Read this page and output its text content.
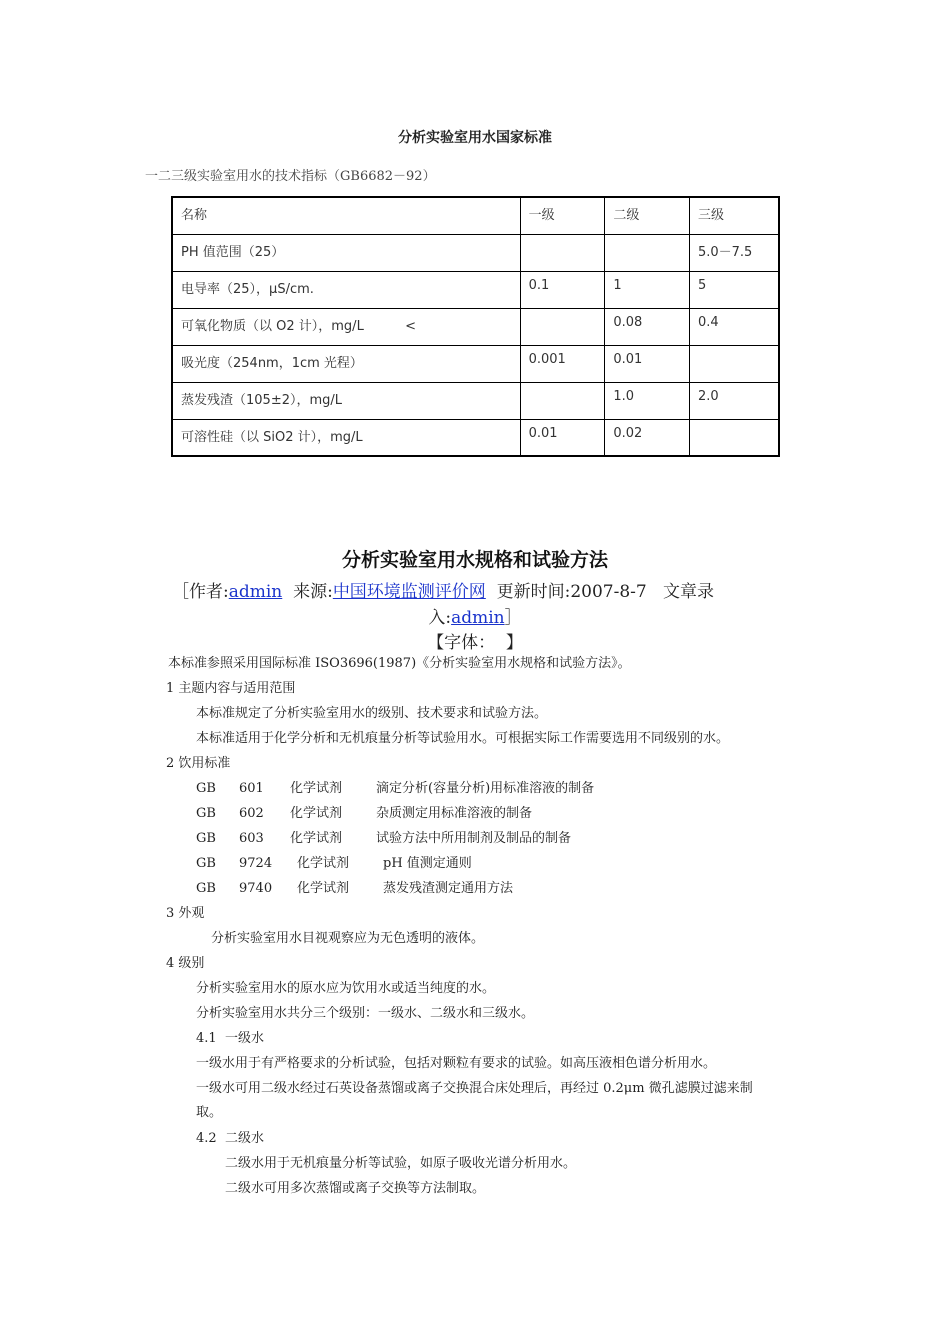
分析实验室用水国家标准
一二三级实验室用水的技术指标（GB6682－92）
名称	一级	二级	三级
PH 值范围（25）			5.0－7.5
电导率（25），μS/cm.	0.1	1	5
可氧化物质（以 O2 计），mg/L          <		0.08	0.4
吸光度（254nm，1cm 光程）	0.001	0.01	
蒸发残渣（105±2），mg/L		1.0	2.0
可溶性硅（以 SiO2 计），mg/L	0.01	0.02	
分析实验室用水规格和试验方法
［作者:admin  来源:中国环境监测评价网  更新时间:2007-8-7   文章录
入:admin］
【字体：  】
本标准参照采用国际标准 ISO3696(1987)《分析实验室用水规格和试验方法》。
1 主题内容与适用范围
本标准规定了分析实验室用水的级别、技术要求和试验方法。
本标准适用于化学分析和无机痕量分析等试验用水。可根据实际工作需要选用不同级别的水。
2 饮用标准
GB 601 化学试剂	滴定分析(容量分析)用标准溶液的制备
GB 602 化学试剂	杂质测定用标准溶液的制备
GB 603 化学试剂	试验方法中所用制剂及制品的制备
GB 9724 化学试剂	pH 值测定通则
GB 9740 化学试剂	蒸发残渣测定通用方法
3 外观
分析实验室用水目视观察应为无色透明的液体。
4 级别
分析实验室用水的原水应为饮用水或适当纯度的水。
分析实验室用水共分三个级别：一级水、二级水和三级水。
4.1  一级水
一级水用于有严格要求的分析试验，包括对颗粒有要求的试验。如高压液相色谱分析用水。
一级水可用二级水经过石英设备蒸馏或离子交换混合床处理后，再经过 0.2μm 微孔滤膜过滤来制
取。
4.2  二级水
二级水用于无机痕量分析等试验，如原子吸收光谱分析用水。
二级水可用多次蒸馏或离子交换等方法制取。
